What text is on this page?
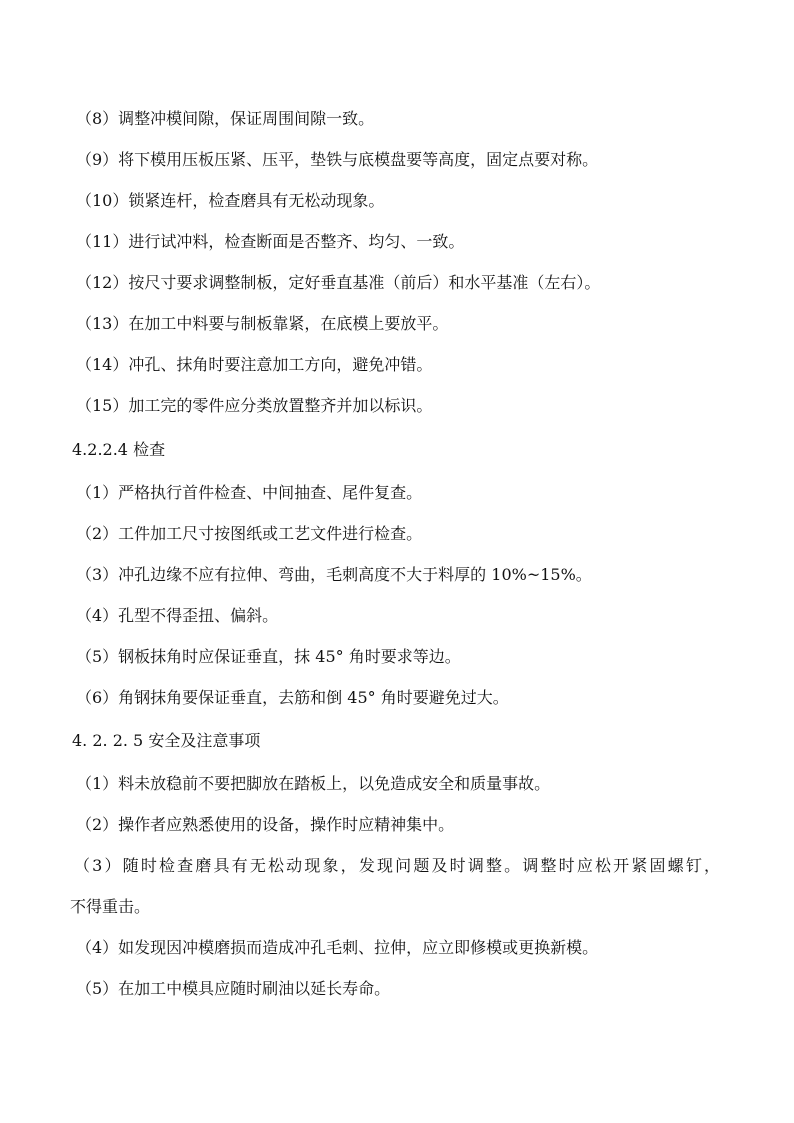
（8）调整冲模间隙，保证周围间隙一致。
（9）将下模用压板压紧、压平，垫铁与底模盘要等高度，固定点要对称。
（10）锁紧连杆，检查磨具有无松动现象。
（11）进行试冲料，检查断面是否整齐、均匀、一致。
（12）按尺寸要求调整制板，定好垂直基准（前后）和水平基准（左右）。
（13）在加工中料要与制板靠紧，在底模上要放平。
（14）冲孔、抹角时要注意加工方向，避免冲错。
（15）加工完的零件应分类放置整齐并加以标识。
4.2.2.4 检查
（1）严格执行首件检查、中间抽查、尾件复查。
（2）工件加工尺寸按图纸或工艺文件进行检查。
（3）冲孔边缘不应有拉伸、弯曲，毛刺高度不大于料厚的 10%~15%。
（4）孔型不得歪扭、偏斜。
（5）钢板抹角时应保证垂直，抹 45° 角时要求等边。
（6）角钢抹角要保证垂直，去筋和倒 45° 角时要避免过大。
4. 2. 2. 5 安全及注意事项
（1）料未放稳前不要把脚放在踏板上，以免造成安全和质量事故。
（2）操作者应熟悉使用的设备，操作时应精神集中。
（3）随时检查磨具有无松动现象，发现问题及时调整。调整时应松开紧固螺钉，
不得重击。
（4）如发现因冲模磨损而造成冲孔毛刺、拉伸，应立即修模或更换新模。
（5）在加工中模具应随时刷油以延长寿命。
